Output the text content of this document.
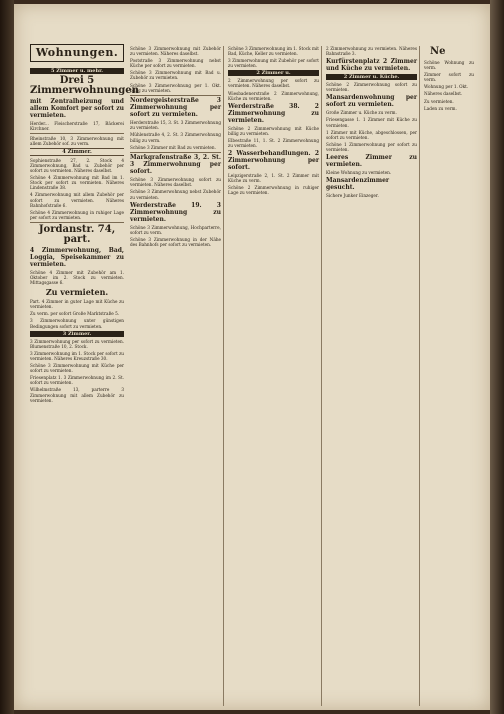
Wohnungen.	Ne
5 Zimmer u. mehr.
Drei 5 Zimmerwohnungen
mit Zentralheizung und allem Komfort per sofort zu vermieten.
Herder... Fleischerstraße 17, Bäckerei Kirchner.
Rheinstraße 10, 3 Zimmerwohnung mit allem Zubehör sof. zu verm.
4 Zimmer.
Sophienstraße 27, 2. Stock 4 Zimmerwohnung, Bad u. Zubehör per sofort zu vermieten. Näheres daselbst.
Schöne 4 Zimmerwohnung mit Bad im 1. Stock per sofort zu vermieten. Näheres Lindenstraße 38.
4 Zimmerwohnung mit allem Zubehör per sofort zu vermieten. Näheres Bahnhofstraße 6.
Schöne 4 Zimmerwohnung in ruhiger Lage per sofort zu vermieten.
Jordanstr. 74, part.
4 Zimmerwohnung, Bad, Loggia, Speisekammer zu vermieten.
Schöne 4 Zimmer mit Zubehör am 1. Oktober im 2. Stock zu vermieten. Mittagsgasse 6.
Zu vermieten.
Part. 4 Zimmer in guter Lage mit Küche zu vermieten.
Zu verm. per sofort Große Marktstraße 5.
3 Zimmerwohnung unter günstigen Bedingungen sofort zu vermieten.
3 Zimmer.
3 Zimmerwohnung per sofort zu vermieten. Blumenstraße 10, 2. Stock.
3 Zimmerwohnung im 1. Stock per sofort zu vermieten. Näheres Kreuzstraße 30.
Schöne 3 Zimmerwohnung mit Küche per sofort zu vermieten.
Friesenplatz 1. 3 Zimmerwohnung im 2. St. sofort zu vermieten.
Wilhelmstraße 13, parterre 3 Zimmerwohnung mit allem Zubehör zu vermieten.
Schöne 3 Zimmerwohnung mit Zubehör zu vermieten. Näheres daselbst.
Poststraße 3 Zimmerwohnung nebst Küche per sofort zu vermieten.
Schöne 3 Zimmerwohnung mit Bad u. Zubehör zu vermieten.
Schöne 3 Zimmerwohnung per 1. Okt. billig zu vermieten.
Nordergeisterstraße 3 Zimmerwohnung per sofort zu vermieten.
Herderstraße 15, 3. St. 3 Zimmerwohnung zu vermieten.
Mühlenstraße 4, 2. St. 3 Zimmerwohnung billig zu verm.
Schöne 3 Zimmer mit Bad zu vermieten.
Markgrafenstraße 3, 2. St. 3 Zimmerwohnung per sofort.
Schöne 3 Zimmerwohnung sofort zu vermieten. Näheres daselbst.
Schöne 3 Zimmerwohnung nebst Zubehör zu vermieten.
Werderstraße 19. 3 Zimmerwohnung zu vermieten.
Schöne 3 Zimmerwohnung, Hochparterre, sofort zu verm.
Schöne 3 Zimmerwohnung in der Nähe des Bahnhofs per sofort zu vermieten.
Schöne 3 Zimmerwohnung im 1. Stock mit Bad, Küche, Keller zu vermieten.
3 Zimmerwohnung mit Zubehör per sofort zu vermieten.
2 Zimmer u.
2 Zimmerwohnung per sofort zu vermieten. Näheres daselbst.
Wiesbadenerstraße 2 Zimmerwohnung, Küche zu vermieten.
Werderstraße 38. 2 Zimmerwohnung zu vermieten.
Schöne 2 Zimmerwohnung mit Küche billig zu vermieten.
Elbestraße 11, 1. St. 2 Zimmerwohnung zu vermieten.
2 Wasserbehandlungen. 2 Zimmerwohnung per sofort.
Leipzigerstraße 2, 1. St. 2 Zimmer mit Küche zu verm.
Schöne 2 Zimmerwohnung in ruhiger Lage zu vermieten.
2 Zimmerwohnung zu vermieten. Näheres Bahnstraße 3.
Kurfürstenplatz 2 Zimmer und Küche zu vermieten.
2 Zimmer u. Küche.
Schöne 2 Zimmerwohnung sofort zu vermieten.
Mansardenwohnung per sofort zu vermieten.
Große Zimmer u. Küche zu verm.
Friesengasse 1. 1 Zimmer mit Küche zu vermieten.
1 Zimmer mit Küche, abgeschlossen, per sofort zu vermieten.
Schöne 1 Zimmerwohnung per sofort zu vermieten.
Leeres Zimmer zu vermieten.
Kleine Wohnung zu vermieten.
Mansardenzimmer gesucht.
Sichere Junker Einzeger.
Schöne Wohnung zu verm.
Zimmer sofort zu verm.
Wohnung per 1. Okt.
Näheres daselbst.
Zu vermieten.
Laden zu verm.
